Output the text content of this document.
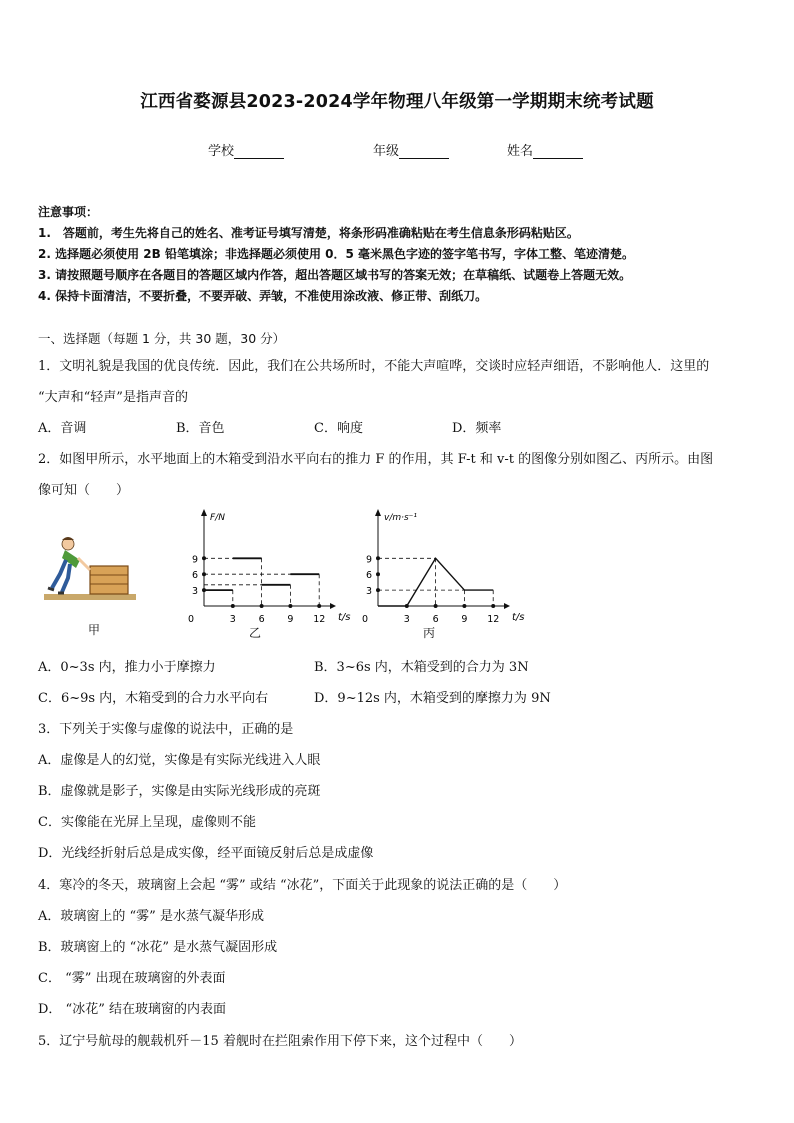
江西省婺源县2023-2024学年物理八年级第一学期期末统考试题
学校	年级	姓名
注意事项：
1.　答题前，考生先将自己的姓名、准考证号填写清楚，将条形码准确粘贴在考生信息条形码粘贴区。
2. 选择题必须使用 2B 铅笔填涂；非选择题必须使用 0．5 毫米黑色字迹的签字笔书写，字体工整、笔迹清楚。
3. 请按照题号顺序在各题目的答题区域内作答，超出答题区域书写的答案无效；在草稿纸、试题卷上答题无效。
4. 保持卡面清洁，不要折叠，不要弄破、弄皱，不准使用涂改液、修正带、刮纸刀。
一、选择题（每题 1 分，共 30 题，30 分）
1．文明礼貌是我国的优良传统．因此，我们在公共场所时，不能大声喧哗，交谈时应轻声细语，不影响他人．这里的
“大声和“轻声”是指声音的
A．音调	B．音色	C．响度	D．频率
2．如图甲所示，水平地面上的木箱受到沿水平向右的推力 F 的作用，其 F-t 和 v-t 的图像分别如图乙、丙所示。由图
像可知（　　）
甲
F/N
t/s
0	3 6 9 12
3
6
9
乙
v/m·s⁻¹
t/s
0	3 6 9 12
3
6
9
丙
A．0~3s 内，推力小于摩擦力	B．3~6s 内，木箱受到的合力为 3N
C．6~9s 内，木箱受到的合力水平向右	D．9~12s 内，木箱受到的摩擦力为 9N
3．下列关于实像与虚像的说法中，正确的是
A．虚像是人的幻觉，实像是有实际光线进入人眼
B．虚像就是影子，实像是由实际光线形成的亮斑
C．实像能在光屏上呈现，虚像则不能
D．光线经折射后总是成实像，经平面镜反射后总是成虚像
4．寒冷的冬天，玻璃窗上会起 “雾” 或结 “冰花”，下面关于此现象的说法正确的是（　　）
A．玻璃窗上的 “雾” 是水蒸气凝华形成
B．玻璃窗上的 “冰花” 是水蒸气凝固形成
C． “雾” 出现在玻璃窗的外表面
D． “冰花” 结在玻璃窗的内表面
5．辽宁号航母的舰载机歼－15 着舰时在拦阻索作用下停下来，这个过程中（　　）
